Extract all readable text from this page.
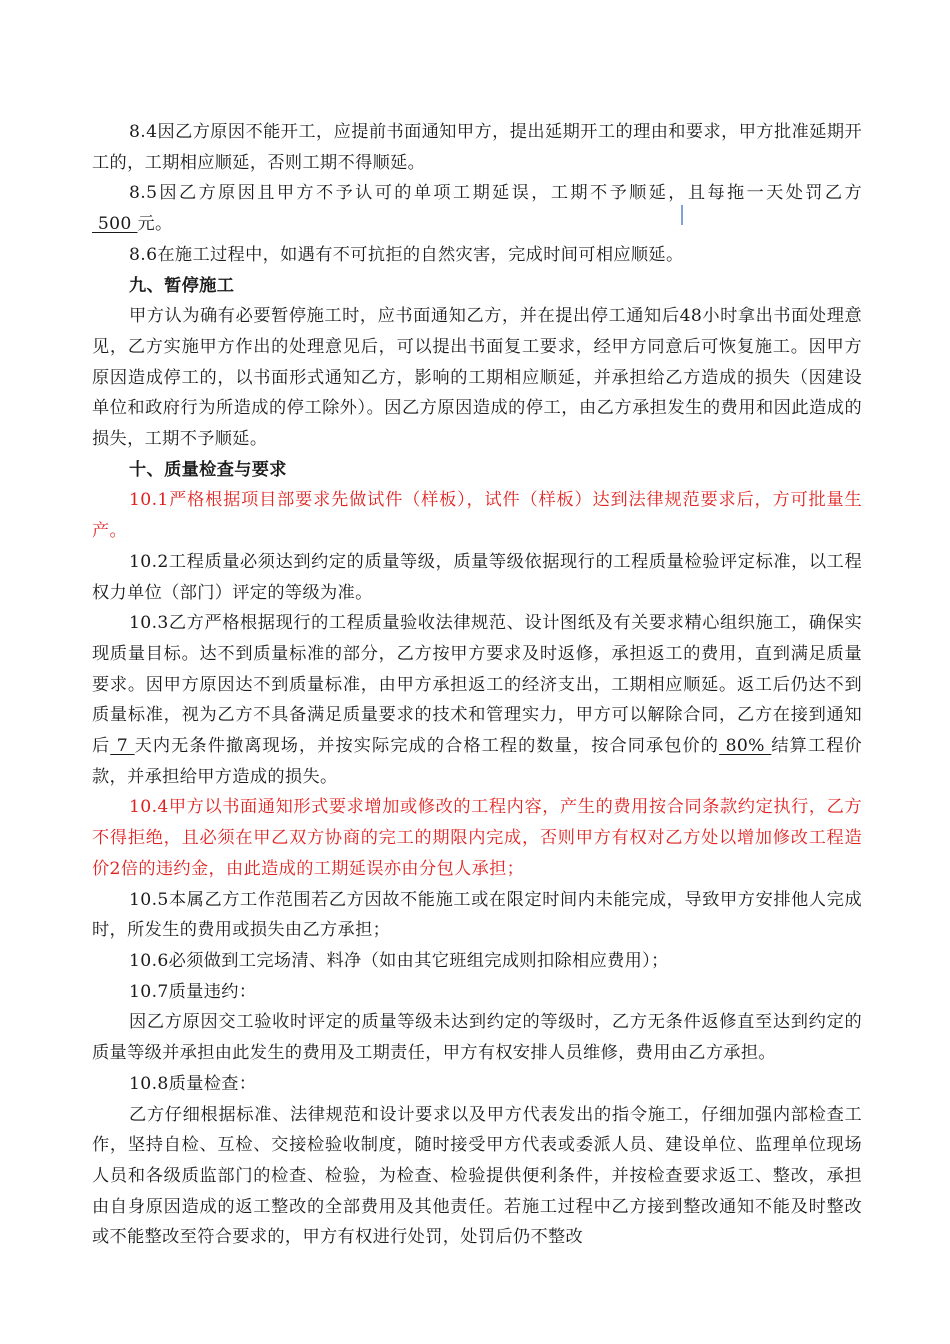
8.4因乙方原因不能开工，应提前书面通知甲方，提出延期开工的理由和要求，甲方批准延期开工的，工期相应顺延，否则工期不得顺延。

8.5因乙方原因且甲方不予认可的单项工期延误，工期不予顺延，且每拖一天处罚乙方 500 元。

8.6在施工过程中，如遇有不可抗拒的自然灾害，完成时间可相应顺延。

九、暂停施工

甲方认为确有必要暂停施工时，应书面通知乙方，并在提出停工通知后48小时拿出书面处理意见，乙方实施甲方作出的处理意见后，可以提出书面复工要求，经甲方同意后可恢复施工。因甲方原因造成停工的，以书面形式通知乙方，影响的工期相应顺延，并承担给乙方造成的损失（因建设单位和政府行为所造成的停工除外）。因乙方原因造成的停工，由乙方承担发生的费用和因此造成的损失，工期不予顺延。

十、质量检查与要求

10.1严格根据项目部要求先做试件（样板），试件（样板）达到法律规范要求后，方可批量生产。

10.2工程质量必须达到约定的质量等级，质量等级依据现行的工程质量检验评定标准，以工程权力单位（部门）评定的等级为准。

10.3乙方严格根据现行的工程质量验收法律规范、设计图纸及有关要求精心组织施工，确保实现质量目标。达不到质量标准的部分，乙方按甲方要求及时返修，承担返工的费用，直到满足质量要求。因甲方原因达不到质量标准，由甲方承担返工的经济支出，工期相应顺延。返工后仍达不到质量标准，视为乙方不具备满足质量要求的技术和管理实力，甲方可以解除合同，乙方在接到通知后 7 天内无条件撤离现场，并按实际完成的合格工程的数量，按合同承包价的 80% 结算工程价款，并承担给甲方造成的损失。

10.4甲方以书面通知形式要求增加或修改的工程内容，产生的费用按合同条款约定执行，乙方不得拒绝，且必须在甲乙双方协商的完工的期限内完成，否则甲方有权对乙方处以增加修改工程造价2倍的违约金，由此造成的工期延误亦由分包人承担；

10.5本属乙方工作范围若乙方因故不能施工或在限定时间内未能完成，导致甲方安排他人完成时，所发生的费用或损失由乙方承担；

10.6必须做到工完场清、料净（如由其它班组完成则扣除相应费用）；

10.7质量违约：

因乙方原因交工验收时评定的质量等级未达到约定的等级时，乙方无条件返修直至达到约定的质量等级并承担由此发生的费用及工期责任，甲方有权安排人员维修，费用由乙方承担。

10.8质量检查：

乙方仔细根据标准、法律规范和设计要求以及甲方代表发出的指令施工，仔细加强内部检查工作，坚持自检、互检、交接检验收制度，随时接受甲方代表或委派人员、建设单位、监理单位现场人员和各级质监部门的检查、检验，为检查、检验提供便利条件，并按检查要求返工、整改，承担由自身原因造成的返工整改的全部费用及其他责任。若施工过程中乙方接到整改通知不能及时整改或不能整改至符合要求的，甲方有权进行处罚，处罚后仍不整改
